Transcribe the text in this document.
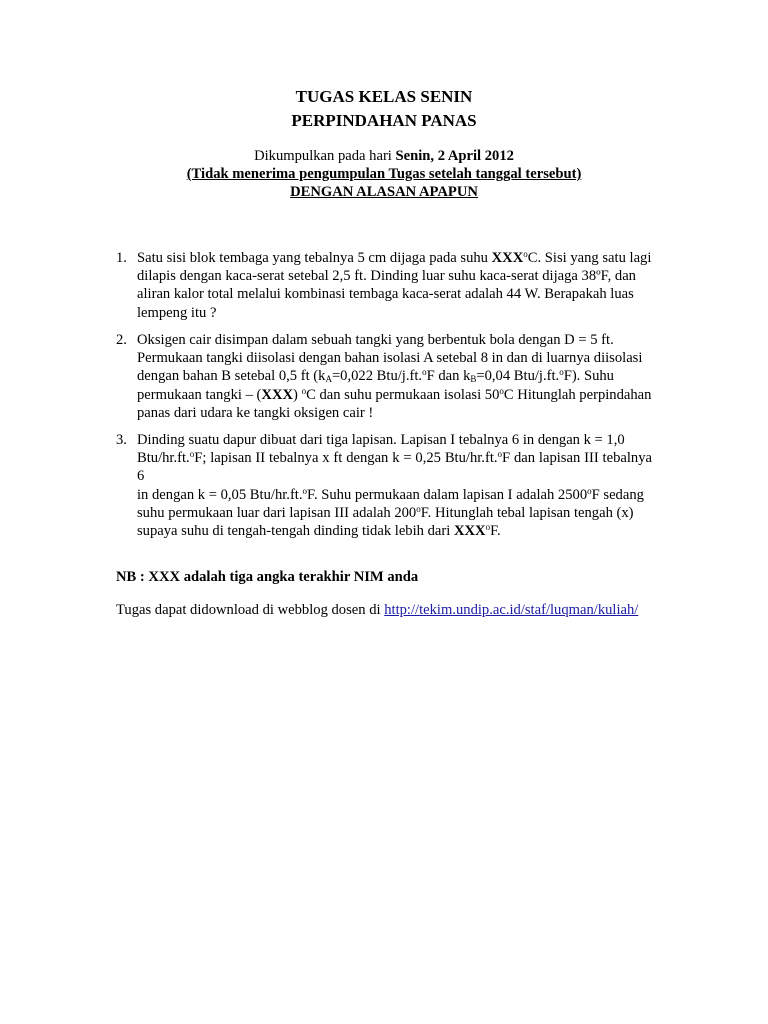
TUGAS KELAS SENIN
PERPINDAHAN PANAS
Dikumpulkan pada hari Senin, 2 April 2012
(Tidak menerima pengumpulan Tugas setelah tanggal tersebut)
DENGAN ALASAN APAPUN
1. Satu sisi blok tembaga yang tebalnya 5 cm dijaga pada suhu XXX$^o$C. Sisi yang satu lagi
dilapis dengan kaca-serat setebal 2,5 ft. Dinding luar suhu kaca-serat dijaga 38ºF, dan
aliran kalor total melalui kombinasi tembaga kaca-serat adalah 44 W. Berapakah luas
lempeng itu ?
2. Oksigen cair disimpan dalam sebuah tangki yang berbentuk bola dengan D = 5 ft.
Permukaan tangki diisolasi dengan bahan isolasi A setebal 8 in dan di luarnya diisolasi
dengan bahan B setebal 0,5 ft ($k_A=0,022$ Btu/j.ft.$^o$F dan $k_B=0,04$ Btu/j.ft.$^o$F). Suhu
permukaan tangki – (XXX) $^o$C dan suhu permukaan isolasi 50$^o$C Hitunglah perpindahan
panas dari udara ke tangki oksigen cair !
3. Dinding suatu dapur dibuat dari tiga lapisan. Lapisan I tebalnya 6 in dengan k = 1,0
Btu/hr.ft.$^o$F; lapisan II tebalnya x ft dengan k = 0,25 Btu/hr.ft.$^o$F dan lapisan III tebalnya 6
in dengan k = 0,05 Btu/hr.ft.$^o$F. Suhu permukaan dalam lapisan I adalah 2500$^o$F sedang
suhu permukaan luar dari lapisan III adalah 200$^o$F. Hitunglah tebal lapisan tengah (x)
supaya suhu di tengah-tengah dinding tidak lebih dari XXX$^o$F.
NB : XXX adalah tiga angka terakhir NIM anda
Tugas dapat didownload di webblog dosen di http://tekim.undip.ac.id/staf/luqman/kuliah/
